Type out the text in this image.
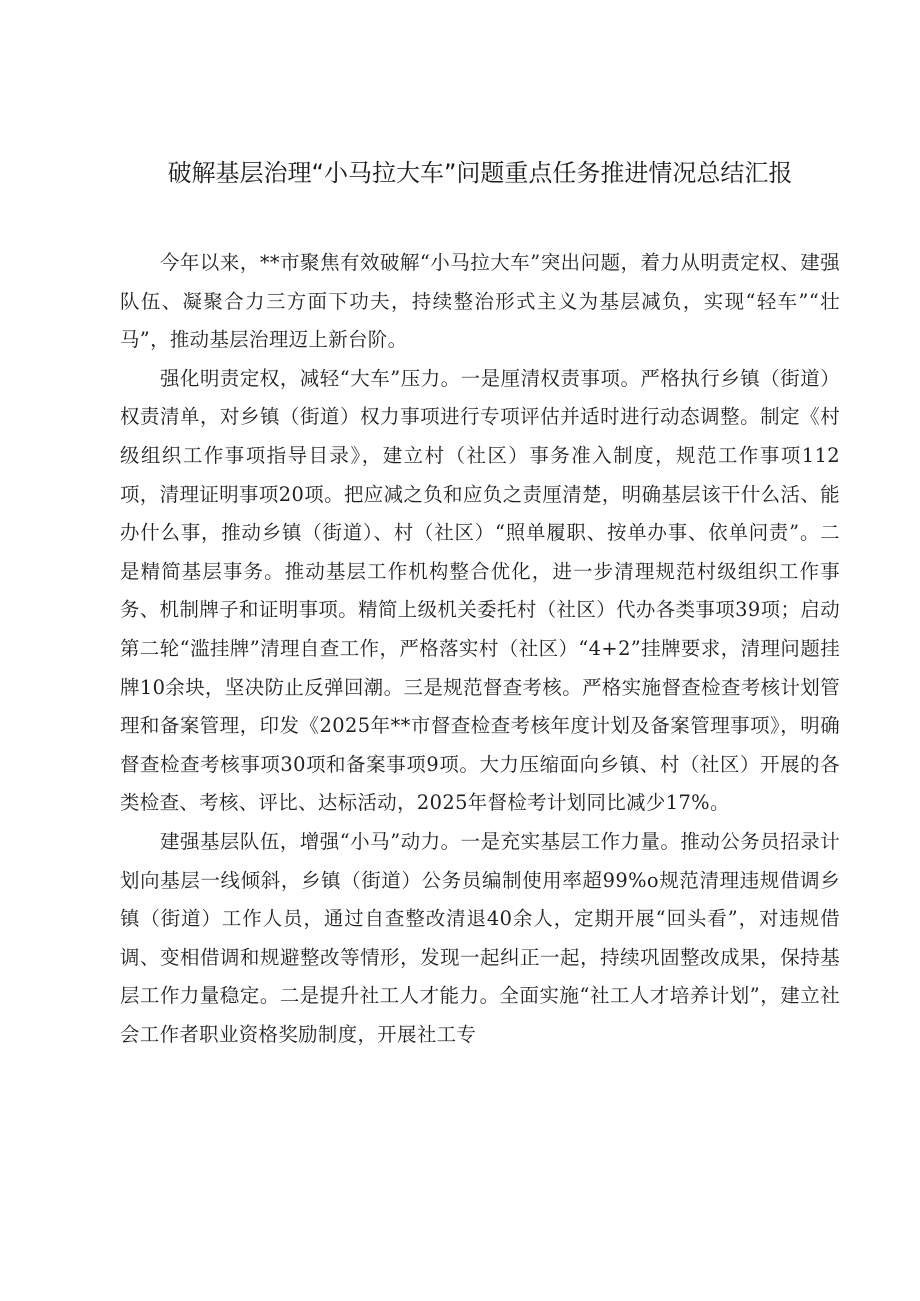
破解基层治理“小马拉大车”问题重点任务推进情况总结汇报

今年以来，**市聚焦有效破解“小马拉大车”突出问题，着力从明责定权、建强队伍、凝聚合力三方面下功夫，持续整治形式主义为基层减负，实现“轻车”“壮马”，推动基层治理迈上新台阶。

强化明责定权，减轻“大车”压力。一是厘清权责事项。严格执行乡镇（街道）权责清单，对乡镇（街道）权力事项进行专项评估并适时进行动态调整。制定《村级组织工作事项指导目录》，建立村（社区）事务准入制度，规范工作事项112项，清理证明事项20项。把应减之负和应负之责厘清楚，明确基层该干什么活、能办什么事，推动乡镇（街道）、村（社区）“照单履职、按单办事、依单问责”。二是精简基层事务。推动基层工作机构整合优化，进一步清理规范村级组织工作事务、机制牌子和证明事项。精简上级机关委托村（社区）代办各类事项39项；启动第二轮“滥挂牌”清理自查工作，严格落实村（社区）“4+2”挂牌要求，清理问题挂牌10余块，坚决防止反弹回潮。三是规范督查考核。严格实施督查检查考核计划管理和备案管理，印发《2025年**市督查检查考核年度计划及备案管理事项》，明确督查检查考核事项30项和备案事项9项。大力压缩面向乡镇、村（社区）开展的各类检查、考核、评比、达标活动，2025年督检考计划同比减少17%。

建强基层队伍，增强“小马”动力。一是充实基层工作力量。推动公务员招录计划向基层一线倾斜，乡镇（街道）公务员编制使用率超99%o规范清理违规借调乡镇（街道）工作人员，通过自查整改清退40余人，定期开展“回头看”，对违规借调、变相借调和规避整改等情形，发现一起纠正一起，持续巩固整改成果，保持基层工作力量稳定。二是提升社工人才能力。全面实施“社工人才培养计划”，建立社会工作者职业资格奖励制度，开展社工专
